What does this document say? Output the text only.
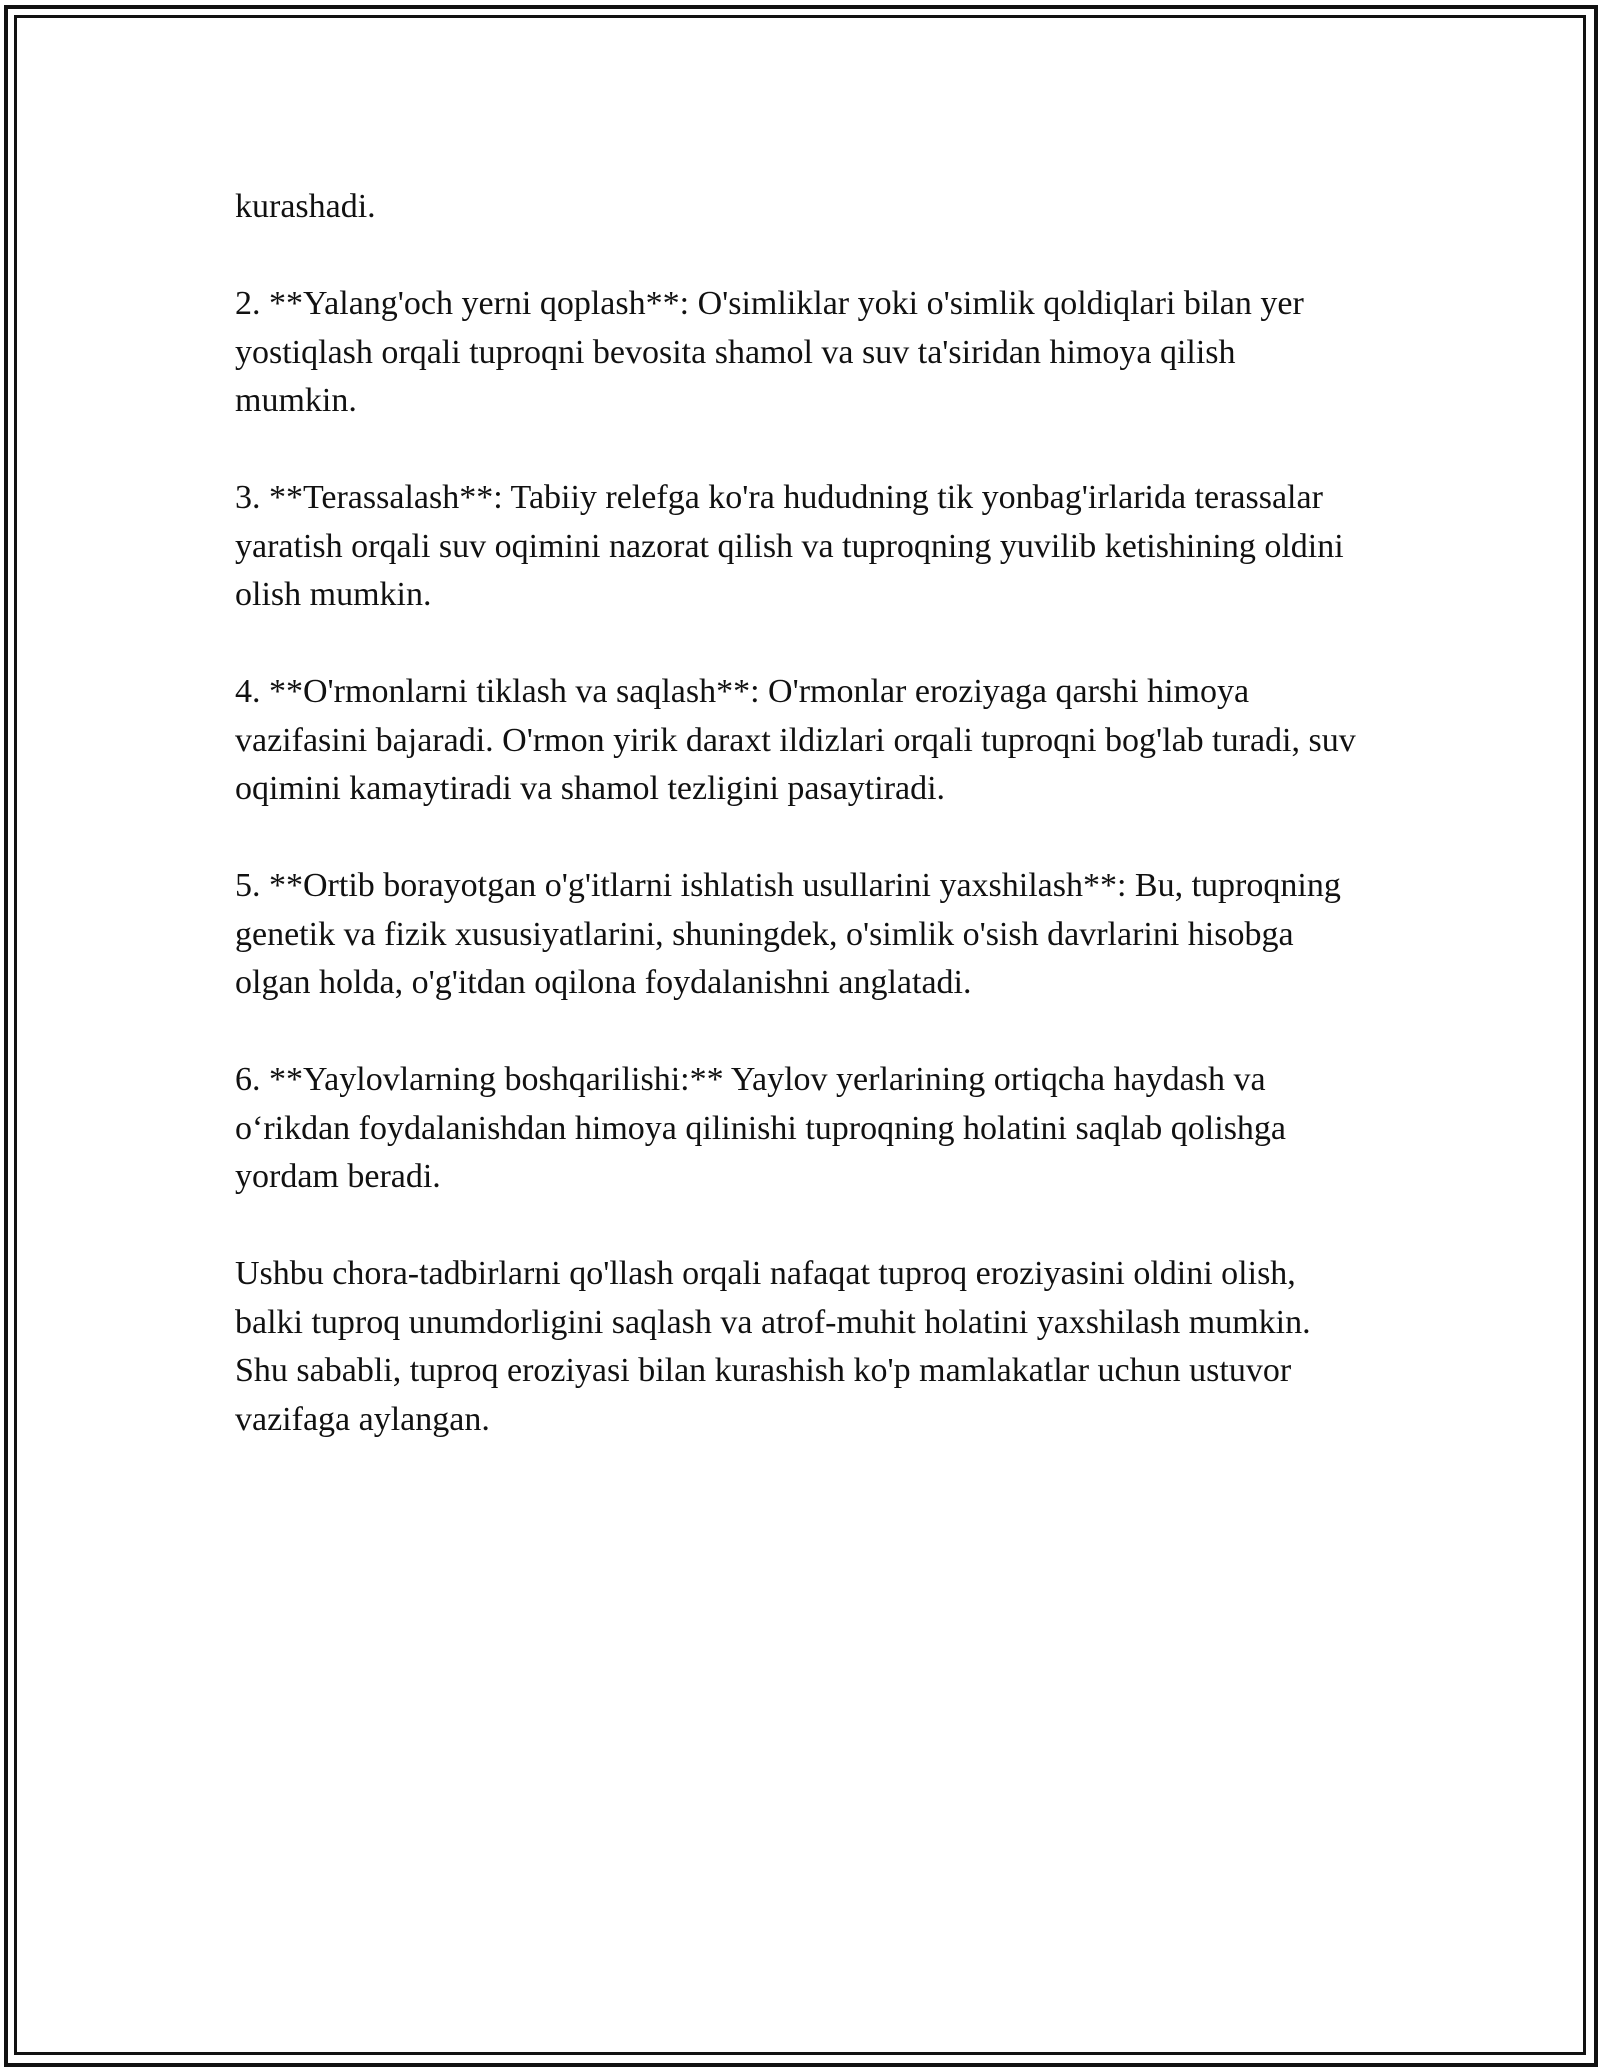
kurashadi.

2. **Yalang'och yerni qoplash**: O'simliklar yoki o'simlik qoldiqlari bilan yer yostiqlash orqali tuproqni bevosita shamol va suv ta'siridan himoya qilish mumkin.

3. **Terassalash**: Tabiiy relefga ko'ra hududning tik yonbag'irlarida terassalar yaratish orqali suv oqimini nazorat qilish va tuproqning yuvilib ketishining oldini olish mumkin.

4. **O'rmonlarni tiklash va saqlash**: O'rmonlar eroziyaga qarshi himoya vazifasini bajaradi. O'rmon yirik daraxt ildizlari orqali tuproqni bog'lab turadi, suv oqimini kamaytiradi va shamol tezligini pasaytiradi.

5. **Ortib borayotgan o'g'itlarni ishlatish usullarini yaxshilash**: Bu, tuproqning genetik va fizik xususiyatlarini, shuningdek, o'simlik o'sish davrlarini hisobga olgan holda, o'g'itdan oqilona foydalanishni anglatadi.

6. **Yaylovlarning boshqarilishi:** Yaylov yerlarining ortiqcha haydash va o‘rikdan foydalanishdan himoya qilinishi tuproqning holatini saqlab qolishga yordam beradi.

Ushbu chora-tadbirlarni qo'llash orqali nafaqat tuproq eroziyasini oldini olish, balki tuproq unumdorligini saqlash va atrof-muhit holatini yaxshilash mumkin. Shu sababli, tuproq eroziyasi bilan kurashish ko'p mamlakatlar uchun ustuvor vazifaga aylangan.
